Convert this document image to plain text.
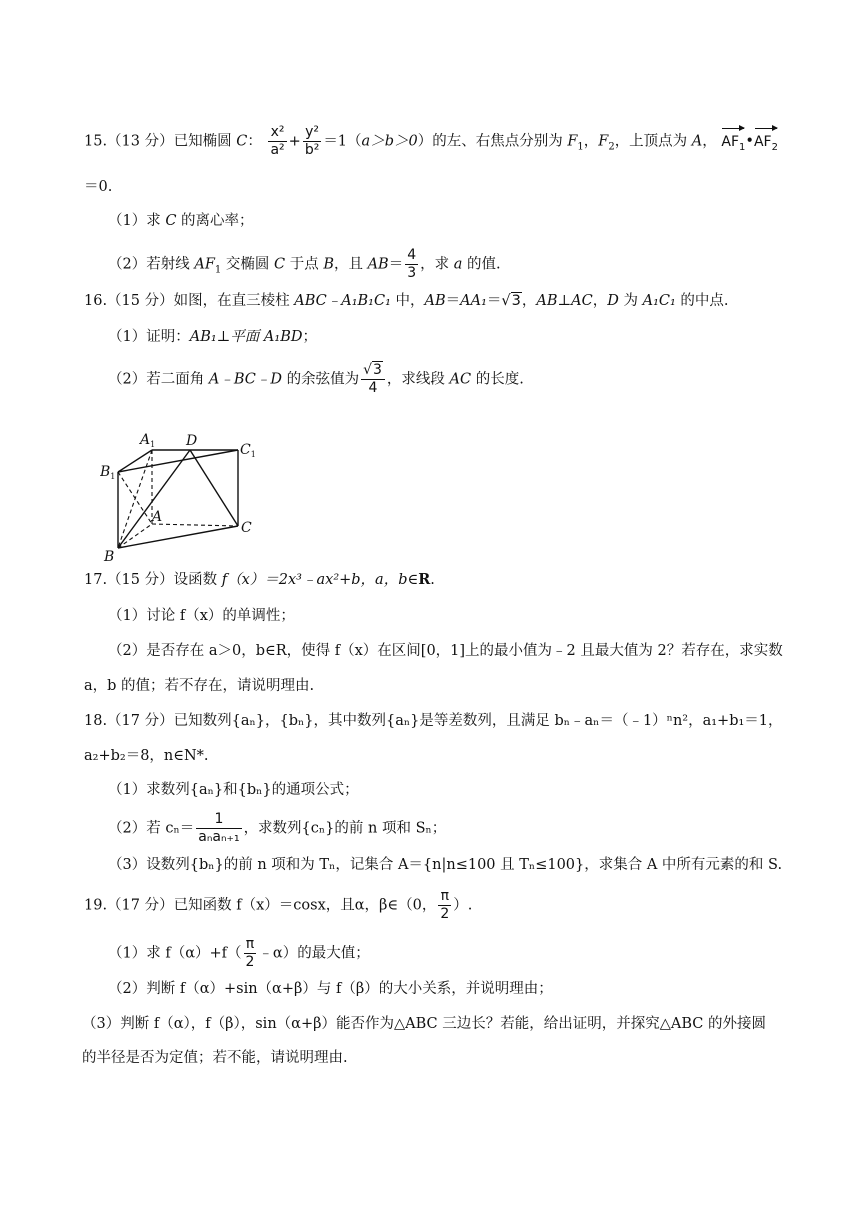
15.（13 分）已知椭圆 C： $\frac{\text{x²}}{\text{a²}} + \frac{\text{y²}}{\text{b²}} =1(a>b>0)$的左、右焦点分别为 $F_1$，$F_2$，上顶点为 A， $AF_1•AF_2$
＝0.
（1）求 C 的离心率；
（2）若射线 $AF_1$ 交椭圆 C 于点 B，且 $AB= \frac{4}{3}$ ，求 a 的值.
16.（15 分）如图，在直三棱柱 ABC﹣A₁B₁C₁ 中，AB＝AA₁＝√3，AB⊥AC，D 为 A₁C₁ 的中点.
（1）证明：AB₁⊥平面 A₁BD；
（2）若二面角 A﹣BC﹣D 的余弦值为 $\frac{√3}{4}$ ，求线段 AC 的长度.
$A_1$ D
$C_1$
$B_1$
A
C
B
17.（15 分）设函数 f（x）＝2x³﹣ax²+b，a，b∈R.
（1）讨论 f（x）的单调性；
（2）是否存在 a＞0，b∈R，使得 f（x）在区间[0，1]上的最小值为﹣2 且最大值为 2？若存在，求实数
a，b 的值；若不存在，请说明理由.
18.（17 分）已知数列{aₙ}，{bₙ}，其中数列{aₙ}是等差数列，且满足 bₙ﹣aₙ＝（﹣1）ⁿn²，a₁+b₁＝1，
a₂+b₂＝8，n∈N*.
（1）求数列{aₙ}和{bₙ}的通项公式；
（2）若 $c_n= \frac{1}{\text{aₙaₙ₊₁}}$ ，求数列{cₙ}的前 n 项和 Sₙ；
（3）设数列{bₙ}的前 n 项和为 Tₙ，记集合 A＝{n|n≤100 且 Tₙ≤100}，求集合 A 中所有元素的和 S.
19.（17 分）已知函数 f（x）＝cosx，且α，β∈（0， $\frac{\pi}{2}$ ）.
（1）求 $f(\alpha)+f( \frac{\pi}{2}$ ﹣α）的最大值；
（2）判断 f（α）+sin（α+β）与 f（β）的大小关系，并说明理由；
（3）判断 f（α），f（β），sin（α+β）能否作为△ABC 三边长？若能，给出证明，并探究△ABC 的外接圆
的半径是否为定值；若不能，请说明理由.
